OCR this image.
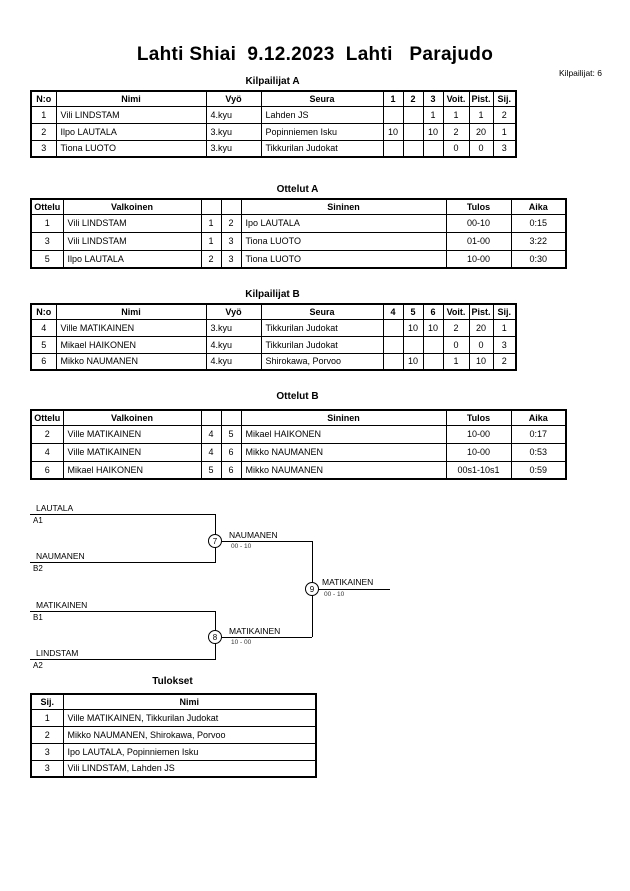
Lahti Shiai  9.12.2023  Lahti   Parajudo
Kilpailijat: 6
Kilpailijat A
N:o	Nimi	Vyö	Seura	1	2	3	Voit.	Pist.	Sij.
1	Vili LINDSTAM	4.kyu	Lahden JS			1	1	1	2
2	Ilpo LAUTALA	3.kyu	Popinniemen Isku	10		10	2	20	1
3	Tiona LUOTO	3.kyu	Tikkurilan Judokat				0	0	3
Ottelut A
Ottelu	Valkoinen			Sininen	Tulos	Aika
1	Vili LINDSTAM	1	2	Ipo LAUTALA	00-10	0:15
3	Vili LINDSTAM	1	3	Tiona LUOTO	01-00	3:22
5	Ilpo LAUTALA	2	3	Tiona LUOTO	10-00	0:30
Kilpailijat B
N:o	Nimi	Vyö	Seura	4	5	6	Voit.	Pist.	Sij.
4	Ville MATIKAINEN	3.kyu	Tikkurilan Judokat		10	10	2	20	1
5	Mikael HAIKONEN	4.kyu	Tikkurilan Judokat				0	0	3
6	Mikko NAUMANEN	4.kyu	Shirokawa, Porvoo		10		1	10	2
Ottelut B
Ottelu	Valkoinen			Sininen	Tulos	Aika
2	Ville MATIKAINEN	4	5	Mikael HAIKONEN	10-00	0:17
4	Ville MATIKAINEN	4	6	Mikko NAUMANEN	10-00	0:53
6	Mikael HAIKONEN	5	6	Mikko NAUMANEN	00s1-10s1	0:59
LAUTALA
A1
NAUMANEN
B2
MATIKAINEN
B1
LINDSTAM
A2
NAUMANEN
00 - 10
7
MATIKAINEN
10 - 00
8
MATIKAINEN
00 - 10
9
Tulokset
Sij.	Nimi
1	Ville MATIKAINEN, Tikkurilan Judokat
2	Mikko NAUMANEN, Shirokawa, Porvoo
3	Ipo LAUTALA, Popinniemen Isku
3	Vili LINDSTAM, Lahden JS
